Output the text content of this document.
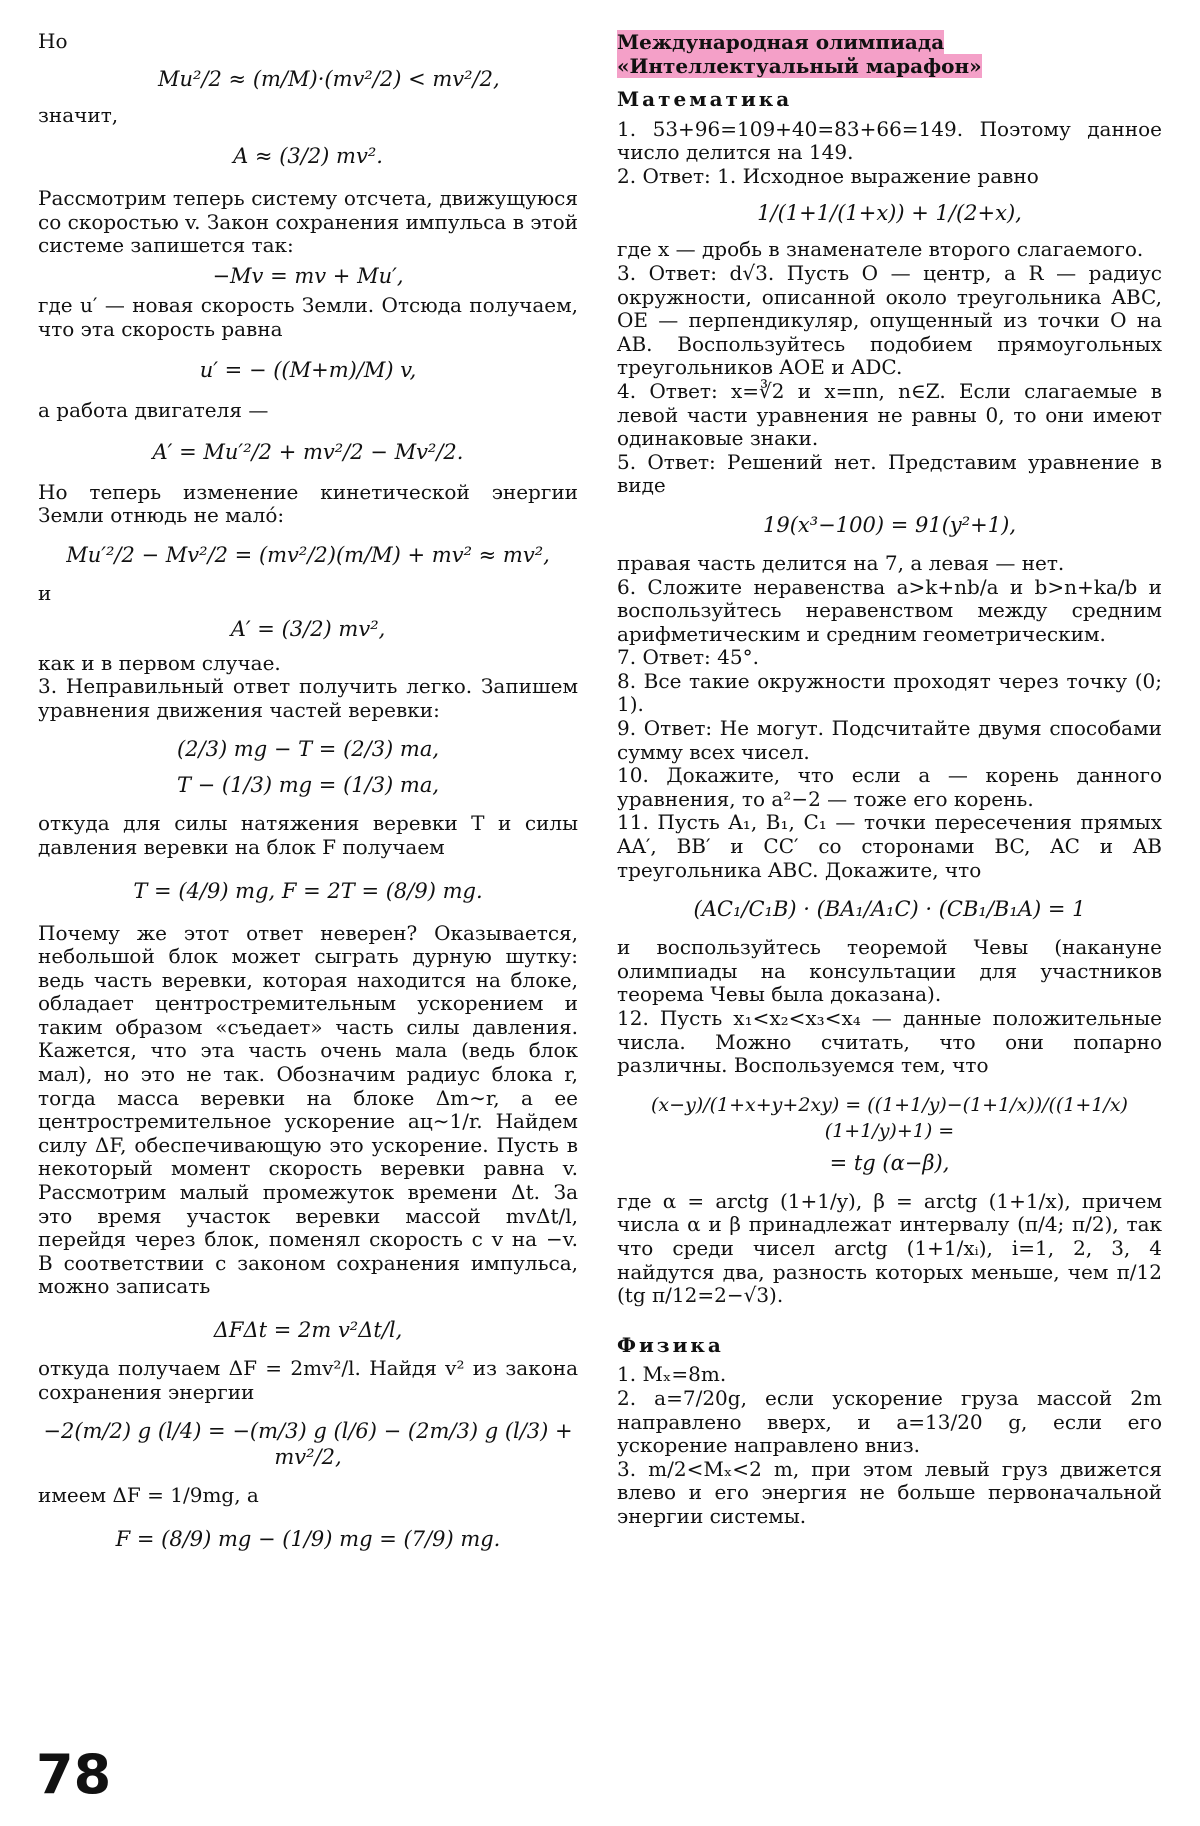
Но

Mu²/2 ≈ (m/M)·(mv²/2) < mv²/2,

значит,

A ≈ (3/2) mv².

Рассмотрим теперь систему отсчета, движущуюся со скоростью v. Закон сохранения импульса в этой системе запишется так:

−Mv = mv + Mu′,

где u′ — новая скорость Земли. Отсюда получаем, что эта скорость равна

u′ = − ((M+m)/M) v,

а работа двигателя —

A′ = Mu′²/2 + mv²/2 − Mv²/2.

Но теперь изменение кинетической энергии Земли отнюдь не мало́:

Mu′²/2 − Mv²/2 = (mv²/2)(m/M) + mv² ≈ mv²,

и

A′ = (3/2) mv²,

как и в первом случае.

3. Неправильный ответ получить легко. Запишем уравнения движения частей веревки:

(2/3) mg − T = (2/3) ma,

T − (1/3) mg = (1/3) ma,

откуда для силы натяжения веревки T и силы давления веревки на блок F получаем

T = (4/9) mg, F = 2T = (8/9) mg.

Почему же этот ответ неверен? Оказывается, небольшой блок может сыграть дурную шутку: ведь часть веревки, которая находится на блоке, обладает центростремительным ускорением и таким образом «съедает» часть силы давления. Кажется, что эта часть очень мала (ведь блок мал), но это не так. Обозначим радиус блока r, тогда масса веревки на блоке Δm∼r, а ее центростремительное ускорение aц∼1/r. Найдем силу ΔF, обеспечивающую это ускорение. Пусть в некоторый момент скорость веревки равна v. Рассмотрим малый промежуток времени Δt. За это время участок веревки массой mvΔt/l, перейдя через блок, поменял скорость с v на −v. В соответствии с законом сохранения импульса, можно записать

ΔFΔt = 2m v²Δt/l,

откуда получаем ΔF = 2mv²/l. Найдя v² из закона сохранения энергии

−2(m/2) g (l/4) = −(m/3) g (l/6) − (2m/3) g (l/3) + mv²/2,

имеем ΔF = 1/9mg, а

F = (8/9) mg − (1/9) mg = (7/9) mg.

Международная олимпиада
«Интеллектуальный марафон»

Математика

1. 53+96=109+40=83+66=149. Поэтому данное число делится на 149.

2. Ответ: 1. Исходное выражение равно

1/(1+1/(1+x)) + 1/(2+x),

где x — дробь в знаменателе второго слагаемого.

3. Ответ: d√3. Пусть O — центр, а R — радиус окружности, описанной около треугольника ABC, OE — перпендикуляр, опущенный из точки O на AB. Воспользуйтесь подобием прямоугольных треугольников AOE и ADC.

4. Ответ: x=∛2 и x=πn, n∈Z. Если слагаемые в левой части уравнения не равны 0, то они имеют одинаковые знаки.

5. Ответ: Решений нет. Представим уравнение в виде

19(x³−100) = 91(y²+1),

правая часть делится на 7, а левая — нет.

6. Сложите неравенства a>k+nb/a и b>n+ka/b и воспользуйтесь неравенством между средним арифметическим и средним геометрическим.

7. Ответ: 45°.

8. Все такие окружности проходят через точку (0; 1).

9. Ответ: Не могут. Подсчитайте двумя способами сумму всех чисел.

10. Докажите, что если a — корень данного уравнения, то a²−2 — тоже его корень.

11. Пусть A₁, B₁, C₁ — точки пересечения прямых AA′, BB′ и CC′ со сторонами BC, AC и AB треугольника ABC. Докажите, что

(AC₁/C₁B) · (BA₁/A₁C) · (CB₁/B₁A) = 1

и воспользуйтесь теоремой Чевы (накануне олимпиады на консультации для участников теорема Чевы была доказана).

12. Пусть x₁<x₂<x₃<x₄ — данные положительные числа. Можно считать, что они попарно различны. Воспользуемся тем, что

(x−y)/(1+x+y+2xy) = ((1+1/y)−(1+1/x))/((1+1/x)(1+1/y)+1) =

= tg (α−β),

где α = arctg (1+1/y), β = arctg (1+1/x), причем числа α и β принадлежат интервалу (π/4; π/2), так что среди чисел arctg (1+1/xᵢ), i=1, 2, 3, 4 найдутся два, разность которых меньше, чем π/12 (tg π/12=2−√3).

Физика

1. Mₓ=8m.

2. a=7/20g, если ускорение груза массой 2m направлено вверх, и a=13/20 g, если его ускорение направлено вниз.

3. m/2<Mₓ<2 m, при этом левый груз движется влево и его энергия не больше первоначальной энергии системы.

78
